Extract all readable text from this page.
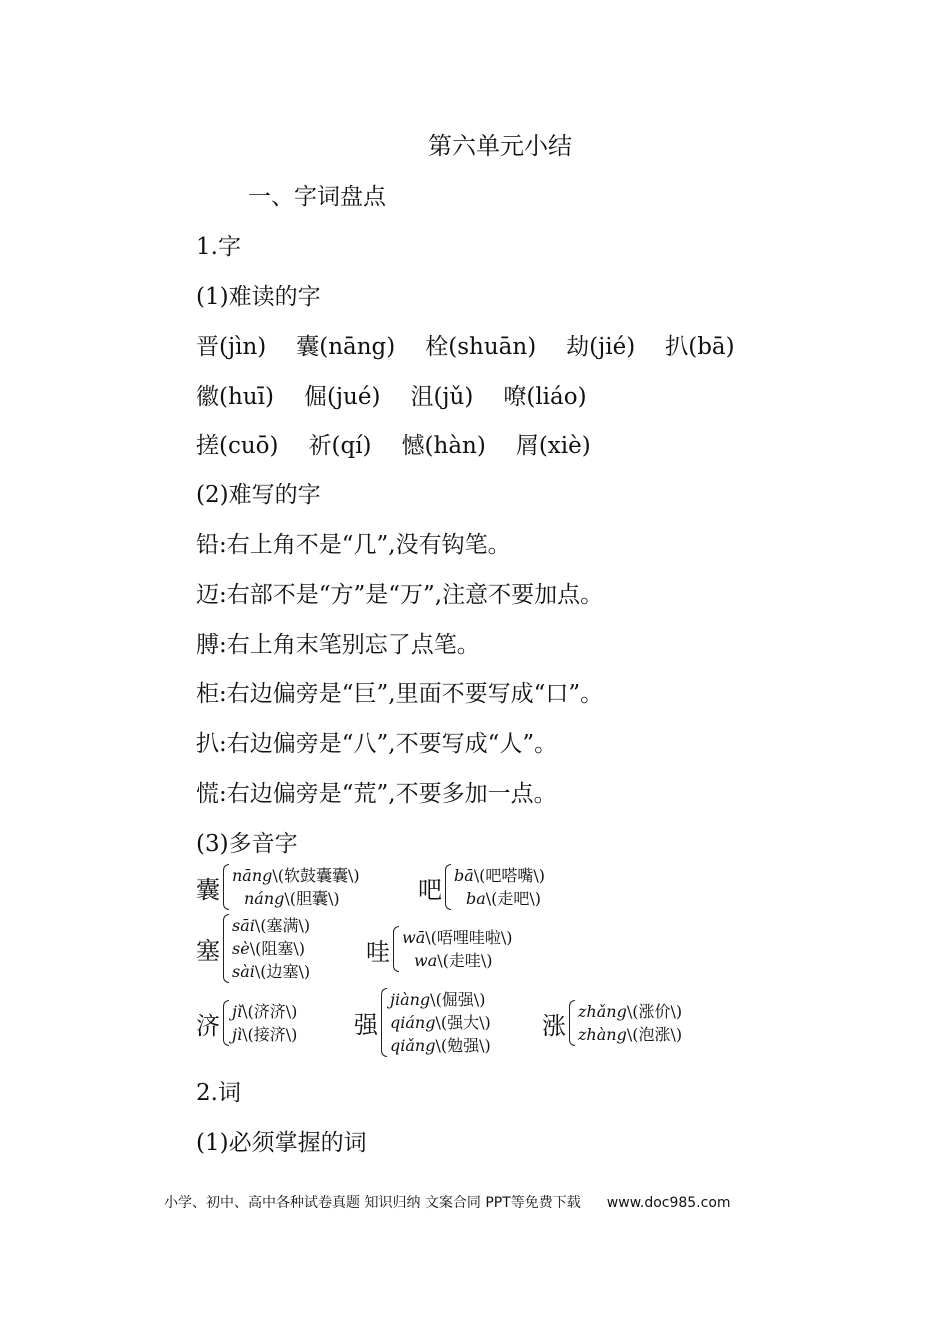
第六单元小结
一、字词盘点
1.字
(1)难读的字
晋(jìn) 囊(nāng) 栓(shuān) 劫(jié) 扒(bā)
徽(huī) 倔(jué) 沮(jǔ) 嘹(liáo)
搓(cuō) 祈(qí) 憾(hàn) 屑(xiè)
(2)难写的字
铅:右上角不是“几”,没有钩笔。
迈:右部不是“方”是“万”,注意不要加点。
膊:右上角末笔别忘了点笔。
柜:右边偏旁是“巨”,里面不要写成“口”。
扒:右边偏旁是“八”,不要写成“人”。
慌:右边偏旁是“荒”,不要多加一点。
(3)多音字
囊 nāng\(软鼓囊囊\)
náng\(胆囊\)	吧 bā\(吧嗒嘴\)
ba\(走吧\)
塞
sāi\(塞满\)
sè\(阻塞\)
sài\(边塞\)
哇 wā\(唔哩哇啦\)
wa\(走哇\)
济 jǐ\(济济\)
jì\(接济\) 强
jiàng\(倔强\)
qiáng\(强大\)
qiǎng\(勉强\)
涨 zhǎng\(涨价\)
zhàng\(泡涨\)
2.词
(1)必须掌握的词
小学、初中、高中各种试卷真题 知识归纳 文案合同 PPT等免费下载 www.doc985.com
